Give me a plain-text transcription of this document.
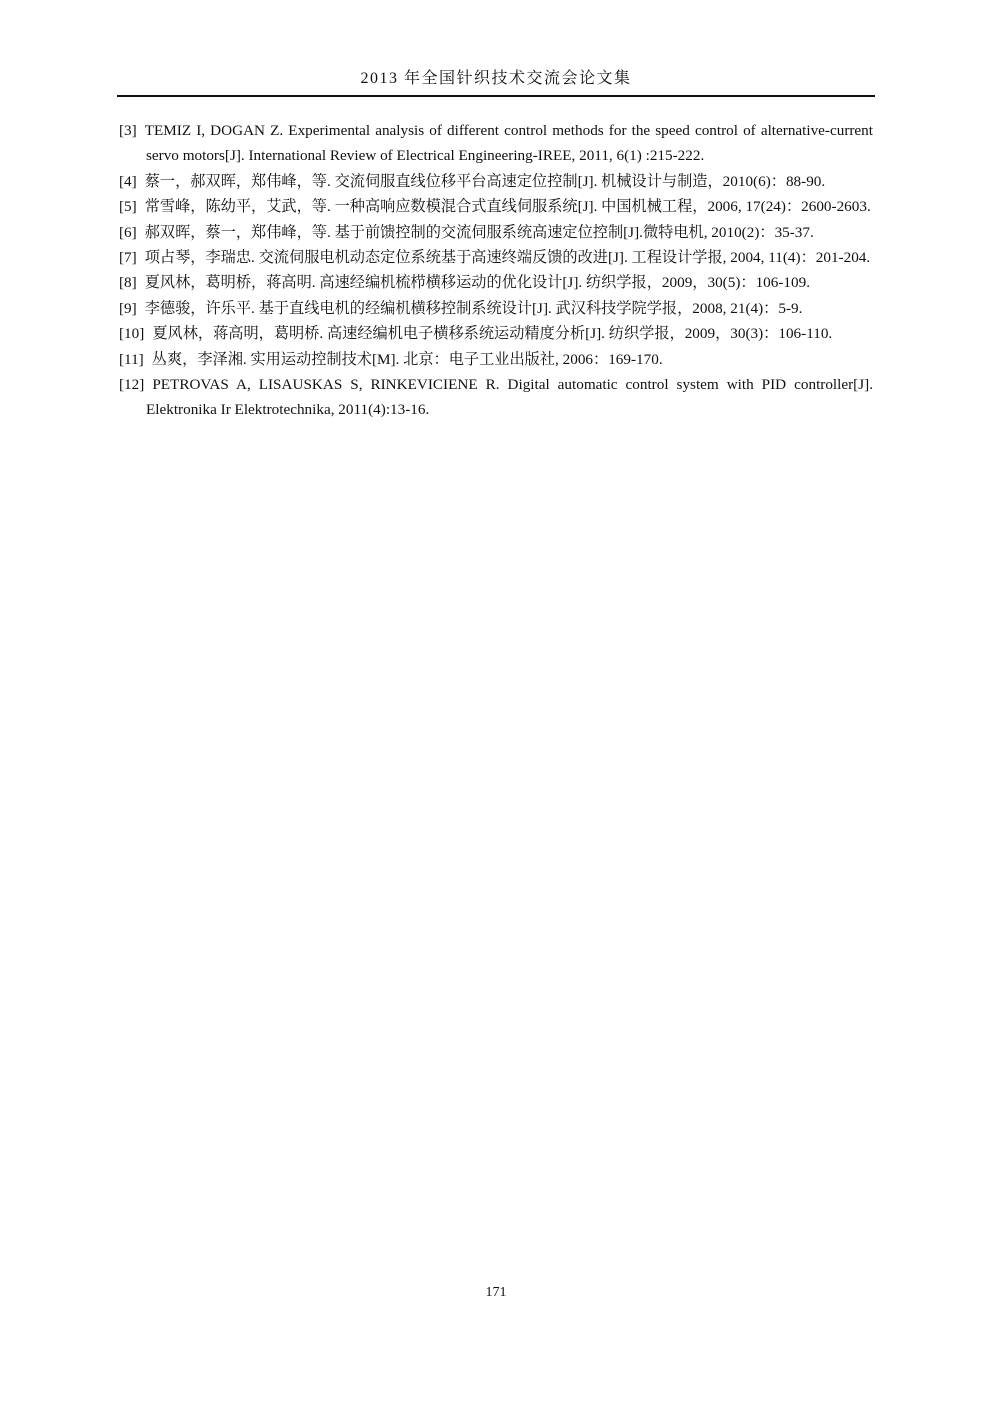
2013 年全国针织技术交流会论文集

[3] TEMIZ I, DOGAN Z. Experimental analysis of different control methods for the speed control of alternative-current servo motors[J]. International Review of Electrical Engineering-IREE, 2011, 6(1) :215-222.

[4] 蔡一，郝双晖，郑伟峰，等. 交流伺服直线位移平台高速定位控制[J]. 机械设计与制造，2010(6)：88-90.

[5] 常雪峰，陈幼平，艾武，等. 一种高响应数模混合式直线伺服系统[J]. 中国机械工程，2006, 17(24)：2600-2603.

[6] 郝双晖，蔡一，郑伟峰，等. 基于前馈控制的交流伺服系统高速定位控制[J].微特电机, 2010(2)：35-37.

[7] 项占琴，李瑞忠. 交流伺服电机动态定位系统基于高速终端反馈的改进[J]. 工程设计学报, 2004, 11(4)：201-204.

[8] 夏风林，葛明桥，蒋高明. 高速经编机梳栉横移运动的优化设计[J]. 纺织学报，2009，30(5)：106-109.

[9] 李德骏，许乐平. 基于直线电机的经编机横移控制系统设计[J]. 武汉科技学院学报，2008, 21(4)：5-9.

[10] 夏风林，蒋高明，葛明桥. 高速经编机电子横移系统运动精度分析[J]. 纺织学报，2009，30(3)：106-110.

[11] 丛爽，李泽湘. 实用运动控制技术[M]. 北京：电子工业出版社, 2006：169-170.

[12] PETROVAS A, LISAUSKAS S, RINKEVICIENE R. Digital automatic control system with PID controller[J]. Elektronika Ir Elektrotechnika, 2011(4):13-16.

171
